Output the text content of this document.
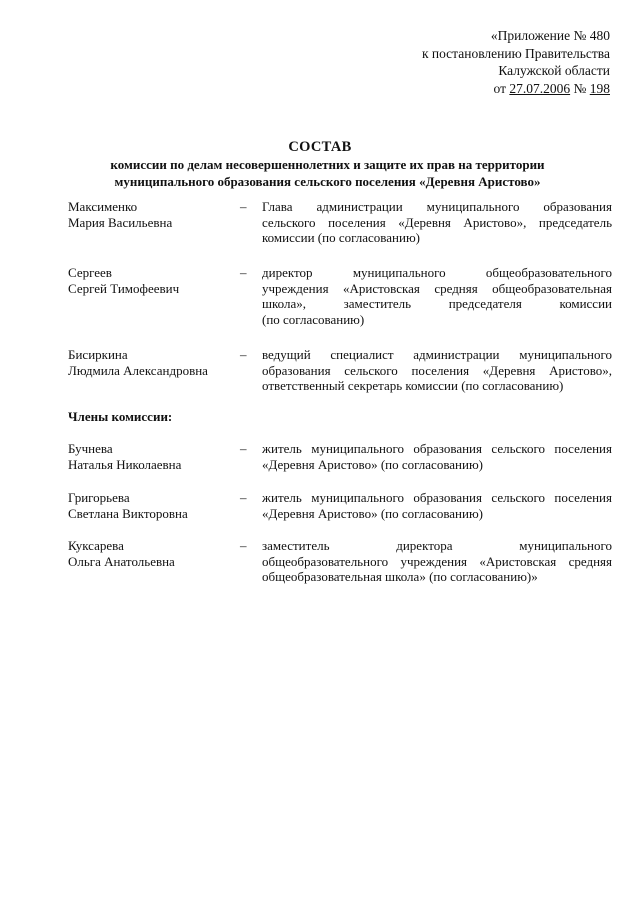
«Приложение № 480
к постановлению Правительства
Калужской области
от 27.07.2006 № 198
СОСТАВ
комиссии по делам несовершеннолетних и защите их прав на территории
муниципального образования сельского поселения «Деревня Аристово»
Максименко
Мария Васильевна
–	Глава администрации муниципального образования
сельского поселения «Деревня Аристово», председатель
комиссии (по согласованию)
Сергеев
Сергей Тимофеевич
–	директор муниципального общеобразовательного
учреждения «Аристовская средняя общеобразовательная
школа», заместитель председателя комиссии
(по согласованию)
Бисиркина
Людмила Александровна
–	ведущий специалист администрации муниципального
образования сельского поселения «Деревня Аристово»,
ответственный секретарь комиссии (по согласованию)
Члены комиссии:
Бучнева
Наталья Николаевна
–	житель муниципального образования сельского поселения
«Деревня Аристово» (по согласованию)
Григорьева
Светлана Викторовна
–	житель муниципального образования сельского поселения
«Деревня Аристово» (по согласованию)
Куксарева
Ольга Анатольевна
–	заместитель директора муниципального
общеобразовательного учреждения «Аристовская средняя
общеобразовательная школа» (по согласованию)»
